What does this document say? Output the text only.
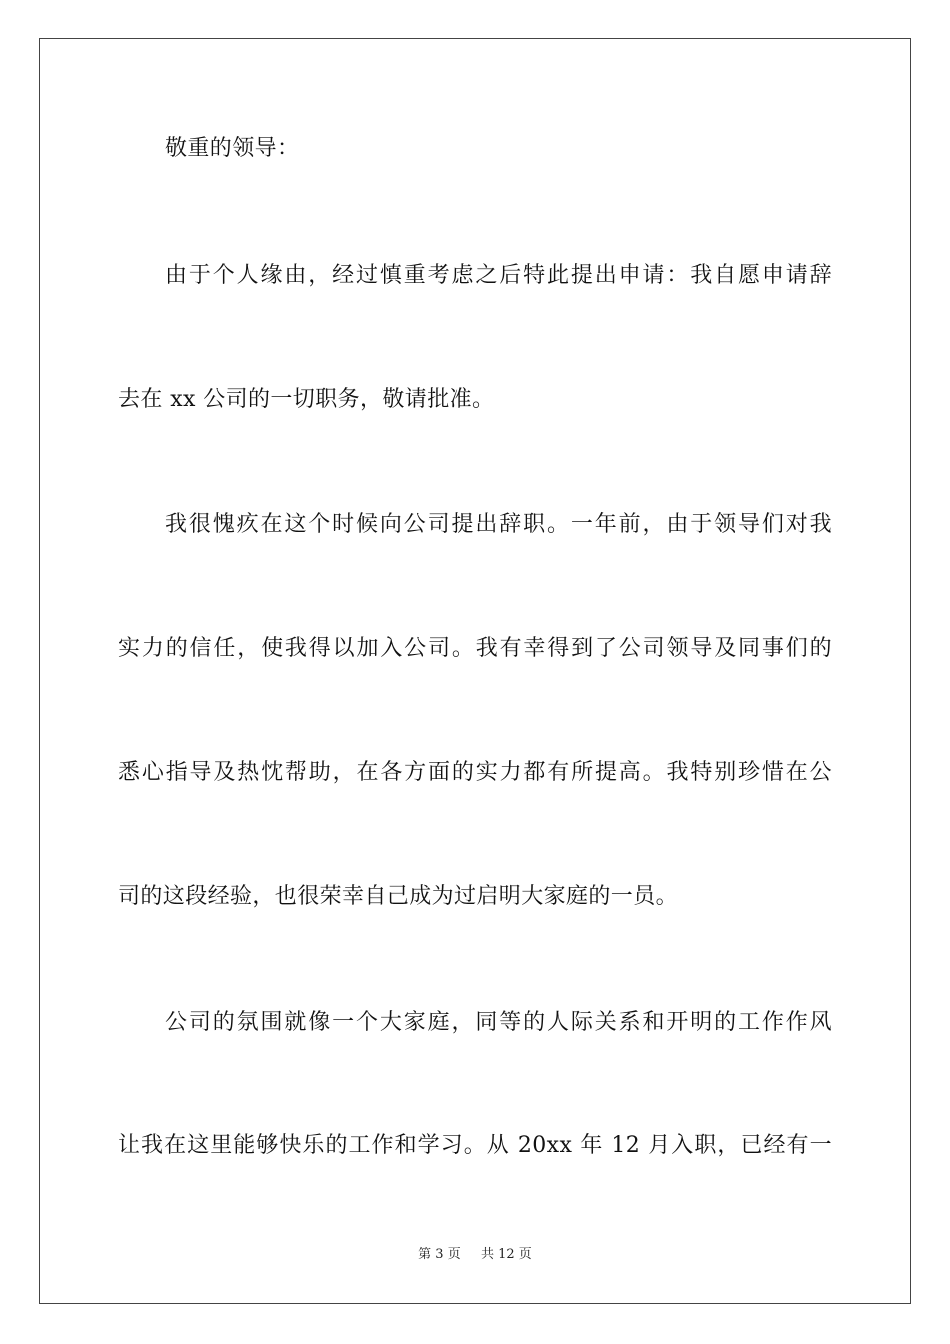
敬重的领导：
由于个人缘由，经过慎重考虑之后特此提出申请：我自愿申请辞
去在 xx 公司的一切职务，敬请批准。
我很愧疚在这个时候向公司提出辞职。一年前，由于领导们对我
实力的信任，使我得以加入公司。我有幸得到了公司领导及同事们的
悉心指导及热忱帮助，在各方面的实力都有所提高。我特别珍惜在公
司的这段经验，也很荣幸自己成为过启明大家庭的一员。
公司的氛围就像一个大家庭，同等的人际关系和开明的工作作风
让我在这里能够快乐的工作和学习。从 20xx 年 12 月入职，已经有一
第 3 页 共 12 页
